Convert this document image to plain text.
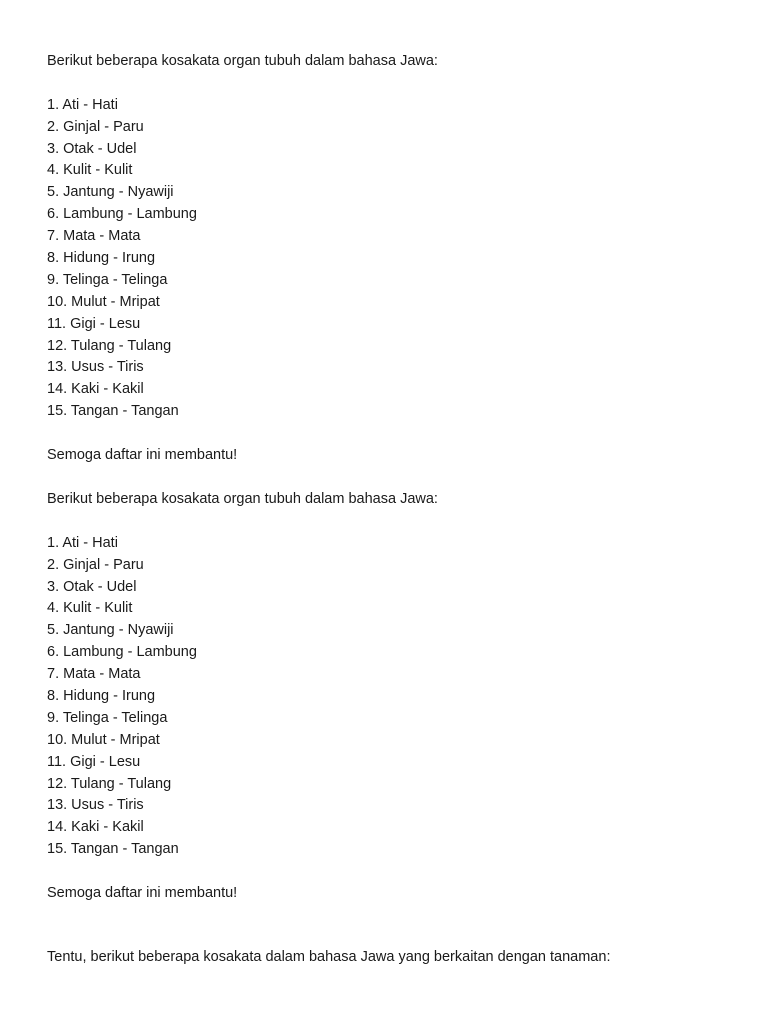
Berikut beberapa kosakata organ tubuh dalam bahasa Jawa:
1. Ati - Hati
2. Ginjal - Paru
3. Otak - Udel
4. Kulit - Kulit
5. Jantung - Nyawiji
6. Lambung - Lambung
7. Mata - Mata
8. Hidung - Irung
9. Telinga - Telinga
10. Mulut - Mripat
11. Gigi - Lesu
12. Tulang - Tulang
13. Usus - Tiris
14. Kaki - Kakil
15. Tangan - Tangan
Semoga daftar ini membantu!
Berikut beberapa kosakata organ tubuh dalam bahasa Jawa:
1. Ati - Hati
2. Ginjal - Paru
3. Otak - Udel
4. Kulit - Kulit
5. Jantung - Nyawiji
6. Lambung - Lambung
7. Mata - Mata
8. Hidung - Irung
9. Telinga - Telinga
10. Mulut - Mripat
11. Gigi - Lesu
12. Tulang - Tulang
13. Usus - Tiris
14. Kaki - Kakil
15. Tangan - Tangan
Semoga daftar ini membantu!
Tentu, berikut beberapa kosakata dalam bahasa Jawa yang berkaitan dengan tanaman:
